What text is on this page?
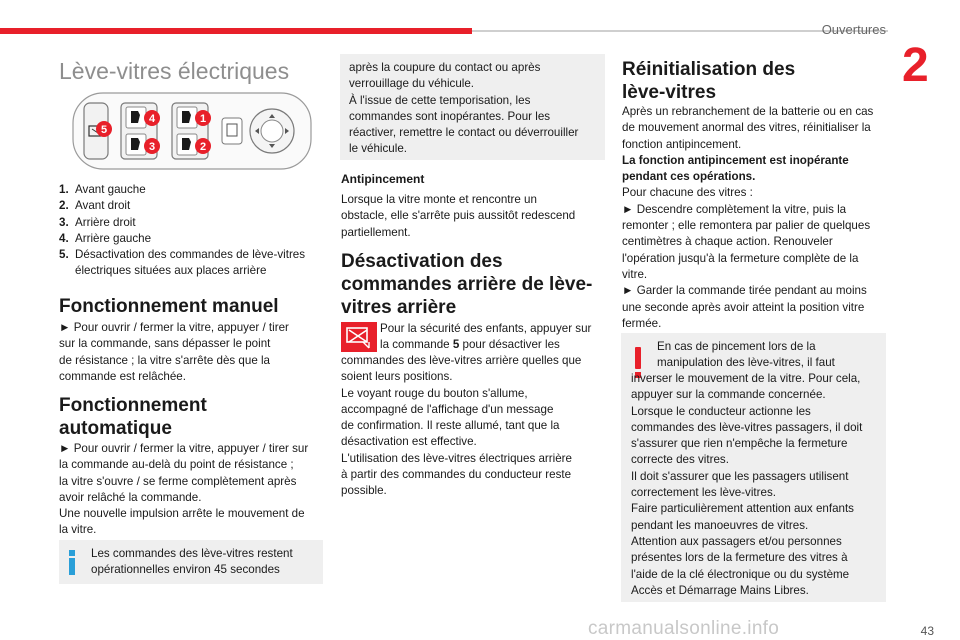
Ouvertures
2
Lève-vitres électriques
5
4
3
1
2
1. Avant gauche
2. Avant droit
3. Arrière droit
4. Arrière gauche
5. Désactivation des commandes de lève-vitres électriques situées aux places arrière
Fonctionnement manuel
► Pour ouvrir / fermer la vitre, appuyer / tirer
sur la commande, sans dépasser le point
de résistance ; la vitre s'arrête dès que la
commande est relâchée.
Fonctionnement
automatique
► Pour ouvrir / fermer la vitre, appuyer / tirer sur
la commande au-delà du point de résistance ;
la vitre s'ouvre / se ferme complètement après
avoir relâché la commande.
Une nouvelle impulsion arrête le mouvement de
la vitre.
Les commandes des lève-vitres restent
opérationnelles environ 45 secondes
après la coupure du contact ou après
verrouillage du véhicule.
À l'issue de cette temporisation, les
commandes sont inopérantes. Pour les
réactiver, remettre le contact ou déverrouiller
le véhicule.
Antipincement
Lorsque la vitre monte et rencontre un
obstacle, elle s'arrête puis aussitôt redescend
partiellement.
Désactivation des
commandes arrière de lève-
vitres arrière
Pour la sécurité des enfants, appuyer sur
la commande 5 pour désactiver les
commandes des lève-vitres arrière quelles que
soient leurs positions.
Le voyant rouge du bouton s'allume,
accompagné de l'affichage d'un message
de confirmation. Il reste allumé, tant que la
désactivation est effective.
L'utilisation des lève-vitres électriques arrière
à partir des commandes du conducteur reste
possible.
Réinitialisation des
lève-vitres
Après un rebranchement de la batterie ou en cas
de mouvement anormal des vitres, réinitialiser la
fonction antipincement.
La fonction antipincement est inopérante
pendant ces opérations.
Pour chacune des vitres :
► Descendre complètement la vitre, puis la
remonter ; elle remontera par palier de quelques
centimètres à chaque action. Renouveler
l'opération jusqu'à la fermeture complète de la
vitre.
► Garder la commande tirée pendant au moins
une seconde après avoir atteint la position vitre
fermée.
En cas de pincement lors de la
manipulation des lève-vitres, il faut
inverser le mouvement de la vitre. Pour cela,
appuyer sur la commande concernée.
Lorsque le conducteur actionne les
commandes des lève-vitres passagers, il doit
s'assurer que rien n'empêche la fermeture
correcte des vitres.
Il doit s'assurer que les passagers utilisent
correctement les lève-vitres.
Faire particulièrement attention aux enfants
pendant les manoeuvres de vitres.
Attention aux passagers et/ou personnes
présentes lors de la fermeture des vitres à
l'aide de la clé électronique ou du système
Accès et Démarrage Mains Libres.
carmanualsonline.info	43
